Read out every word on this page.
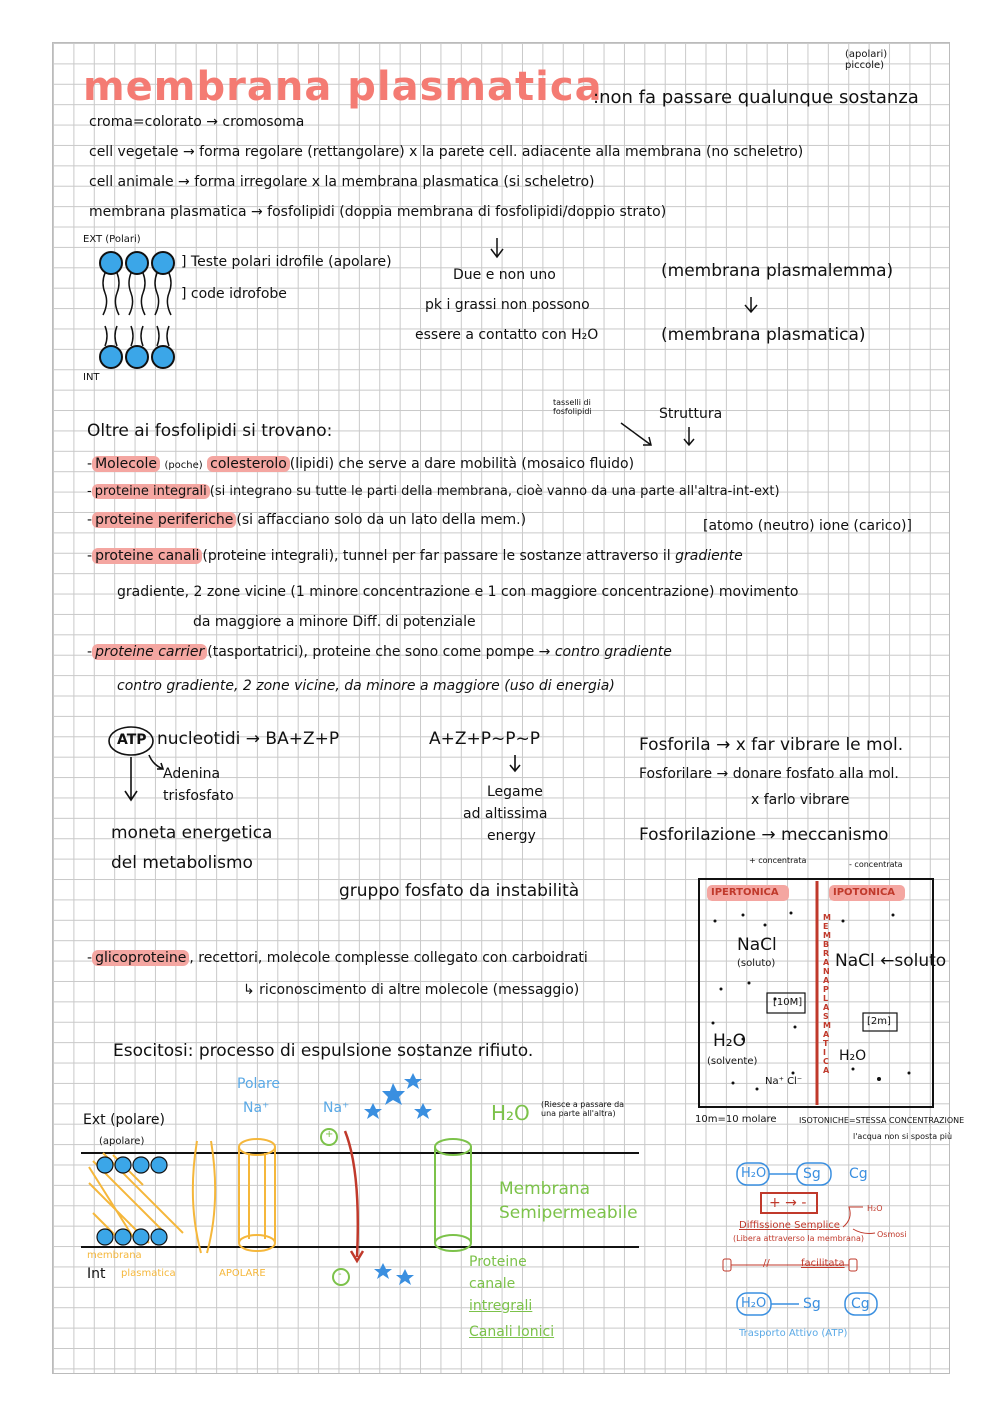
(apolari)
piccole)
membrana plasmatica
:non fa passare qualunque sostanza
croma=colorato → cromosoma
cell vegetale → forma regolare (rettangolare) x la parete cell. adiacente alla membrana (no scheletro)
cell animale → forma irregolare x la membrana plasmatica (si scheletro)
membrana plasmatica → fosfolipidi (doppia membrana di fosfolipidi/doppio strato)
EXT (Polari)
] Teste polari idrofile (apolare)
] code idrofobe
INT
Due e non uno
pk i grassi non possono
essere a contatto con H₂O
(membrana plasmalemma)
(membrana plasmatica)
tasselli di
fosfolipidi	Struttura
Oltre ai fosfolipidi si trovano:
- Molecole (poche) colesterolo (lipidi) che serve a dare mobilità (mosaico fluido)
- proteine integrali (si integrano su tutte le parti della membrana, cioè vanno da una parte all'altra-int-ext)
- proteine periferiche (si affacciano solo da un lato della mem.)	[atomo (neutro) ione (carico)]
- proteine canali (proteine integrali), tunnel per far passare le sostanze attraverso il gradiente
gradiente, 2 zone vicine (1 minore concentrazione e 1 con maggiore concentrazione) movimento
da maggiore a minore Diff. di potenziale
- proteine carrier (tasportatrici), proteine che sono come pompe → contro gradiente
contro gradiente, 2 zone vicine, da minore a maggiore (uso di energia)
ATP nucleotidi → BA+Z+P
Adenina
trisfosfato
moneta energetica
del metabolismo
A+Z+P~P~P
Legame
ad altissima
energy
gruppo fosfato da instabilità
Fosforila → x far vibrare le mol.
Fosforilare → donare fosfato alla mol.
x farlo vibrare
Fosforilazione → meccanismo
- glicoproteine , recettori, molecole complesse collegato con carboidrati
↳ riconoscimento di altre molecole (messaggio)
+ concentrata	- concentrata
IPERTONICA	IPOTONICA
MEMBRANA PLASMATICA
NaCl
(soluto)	NaCl ←soluto
[10M]
[2m]
H₂O
(solvente)
Na⁺ Cl⁻
H₂O
10m=10 molare	ISOTONICHE=STESSA CONCENTRAZIONE
l'acqua non si sposta più
Esocitosi: processo di espulsione sostanze rifiuto.
Ext (polare)
(apolare)
Polare
Na⁺	Na⁺	H₂O (Riesce a passare da
una parte all'altra)
Membrana
Semipermeabile
membrana
Int plasmatica	APOLARE
+
-
Proteine
canale
intregrali
Canali Ionici
H₂O	Sg Cg
+ → -	H₂O
Diffissione Semplice
(Libera attraverso la membrana) Osmosi
//	facilitata
H₂O	Sg Cg
Trasporto Attivo (ATP)
